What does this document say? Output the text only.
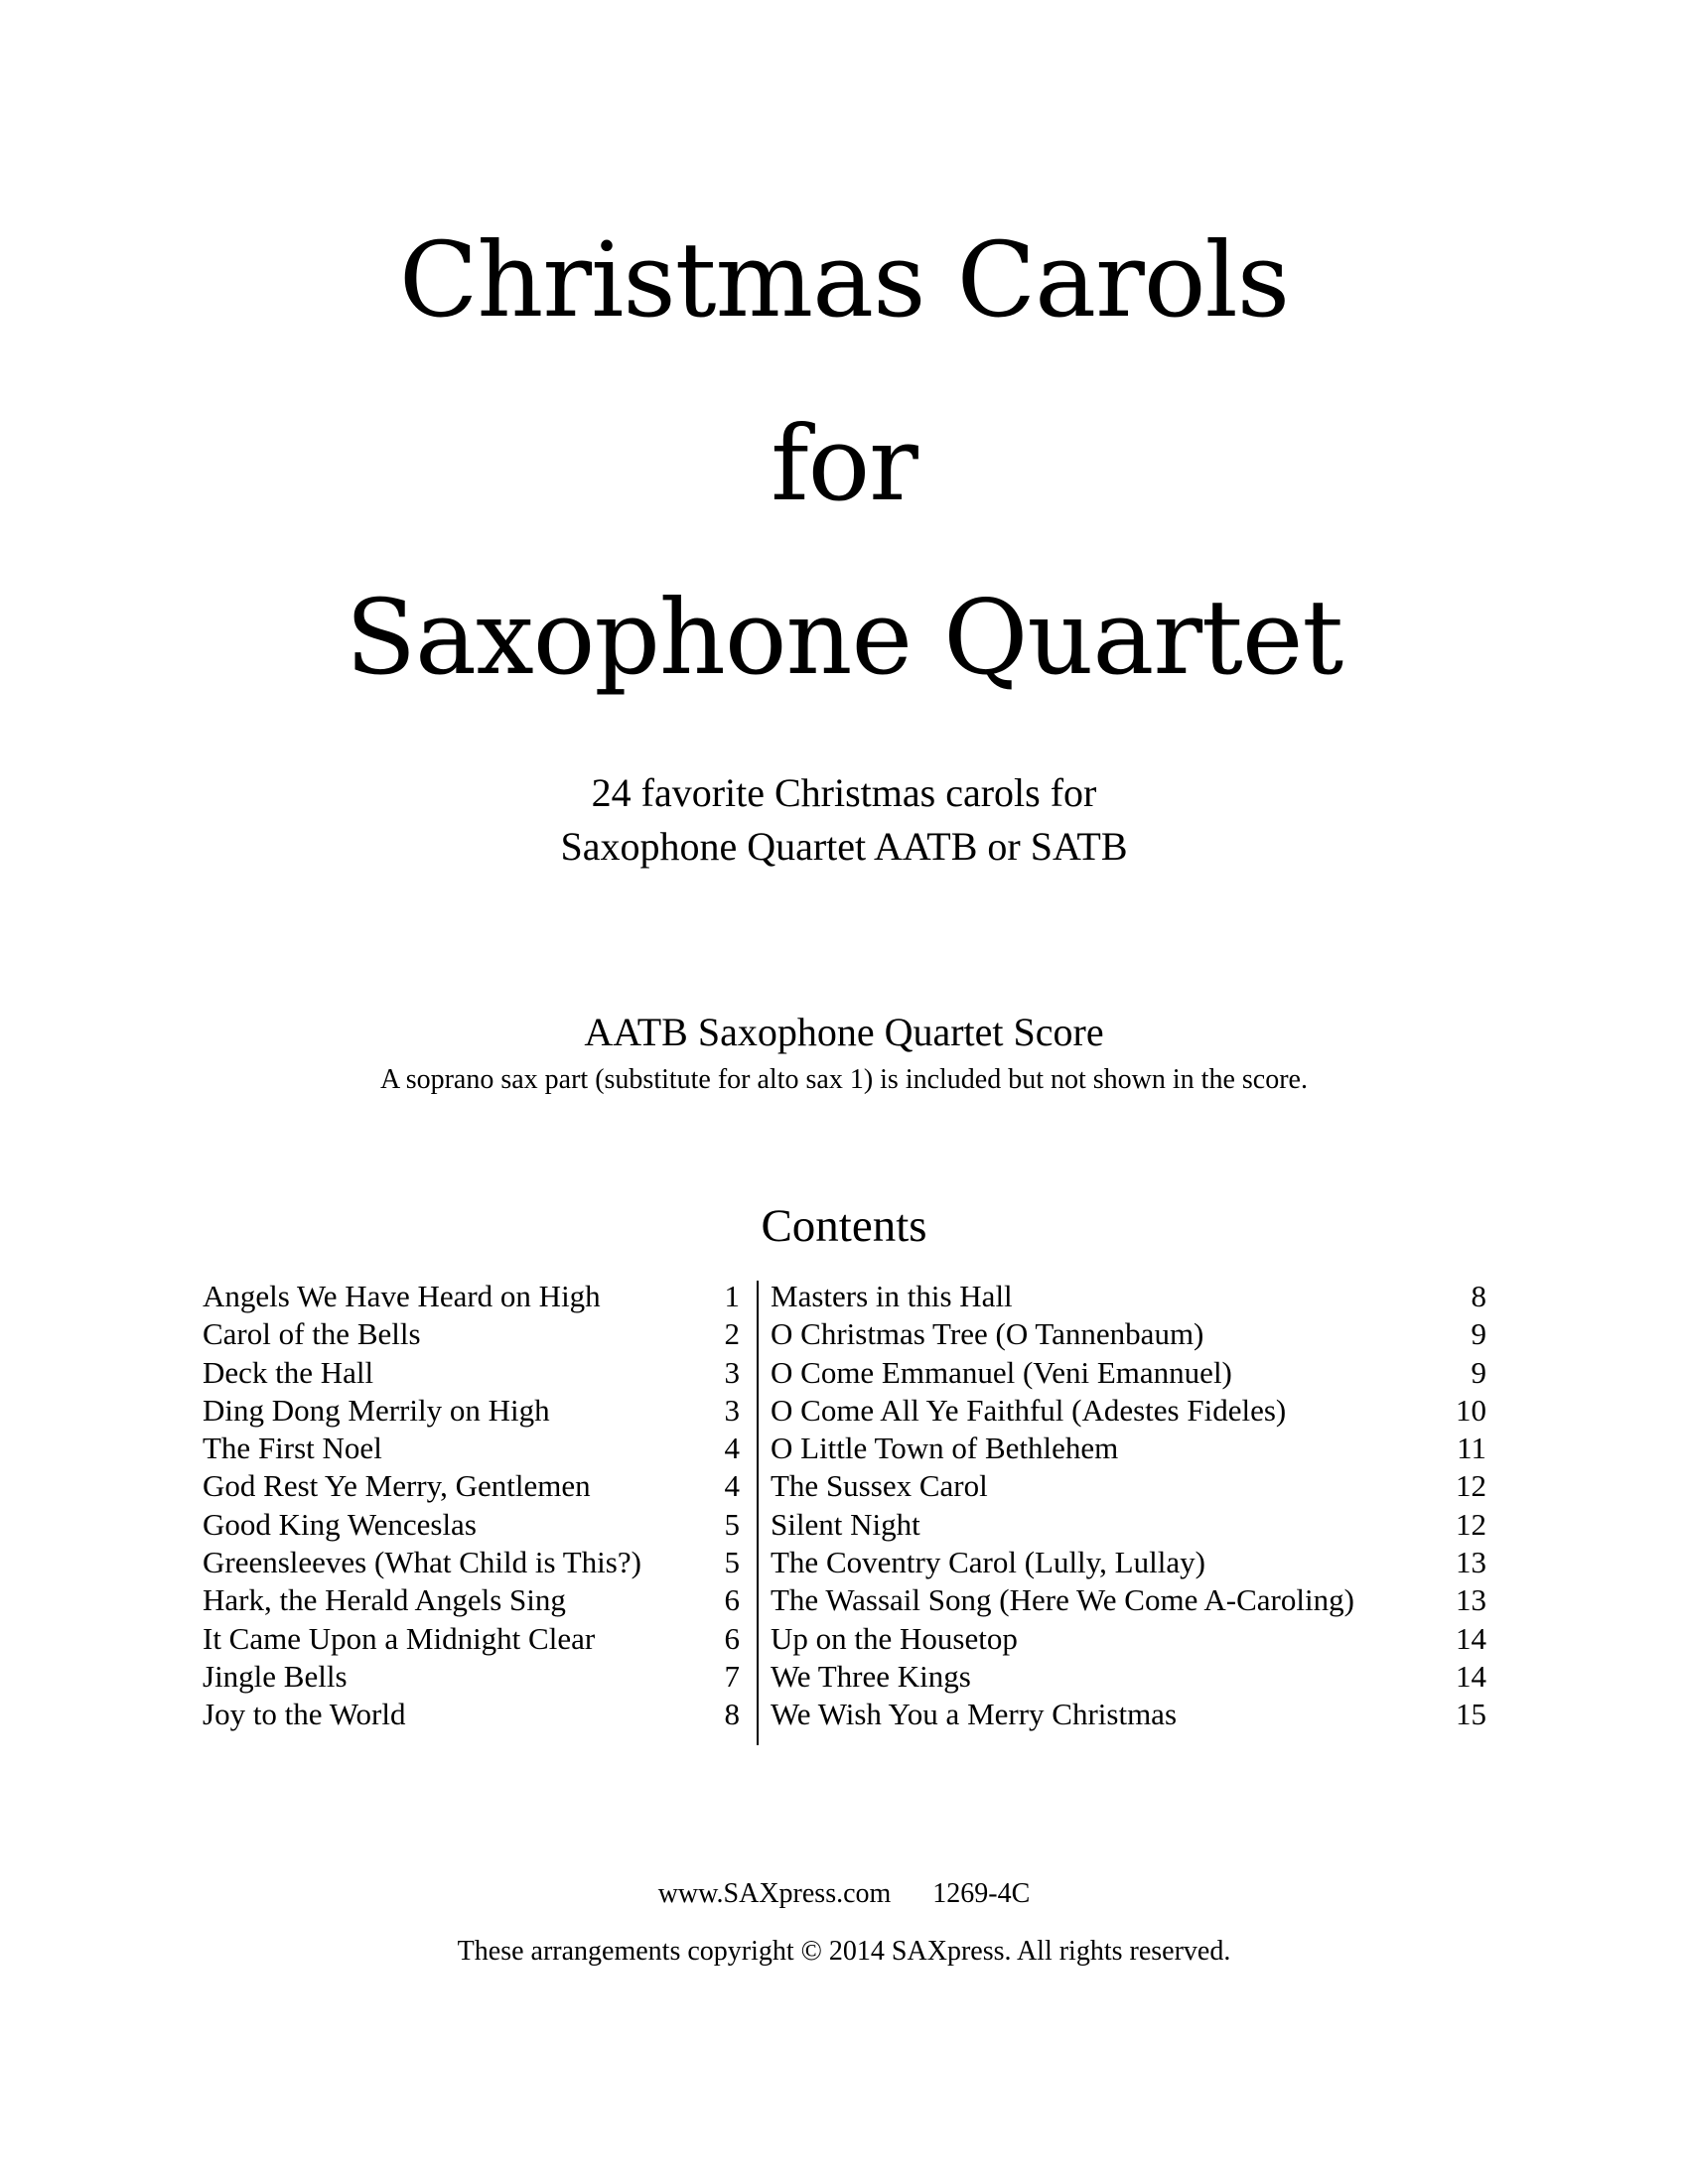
Christmas Carols
for
Saxophone Quartet
24 favorite Christmas carols for
Saxophone Quartet AATB or SATB
AATB Saxophone Quartet Score
A soprano sax part (substitute for alto sax 1) is included but not shown in the score.
Contents
Angels We Have Heard on High	1
Carol of the Bells	2
Deck the Hall	3
Ding Dong Merrily on High	3
The First Noel	4
God Rest Ye Merry, Gentlemen	4
Good King Wenceslas	5
Greensleeves (What Child is This?)	5
Hark, the Herald Angels Sing	6
It Came Upon a Midnight Clear	6
Jingle Bells	7
Joy to the World	8
Masters in this Hall	8
O Christmas Tree (O Tannenbaum)	9
O Come Emmanuel (Veni Emannuel)	9
O Come All Ye Faithful (Adestes Fideles)	10
O Little Town of Bethlehem	11
The Sussex Carol	12
Silent Night	12
The Coventry Carol (Lully, Lullay)	13
The Wassail Song (Here We Come A-Caroling)	13
Up on the Housetop	14
We Three Kings	14
We Wish You a Merry Christmas	15
www.SAXpress.com 1269-4C
These arrangements copyright © 2014 SAXpress. All rights reserved.
